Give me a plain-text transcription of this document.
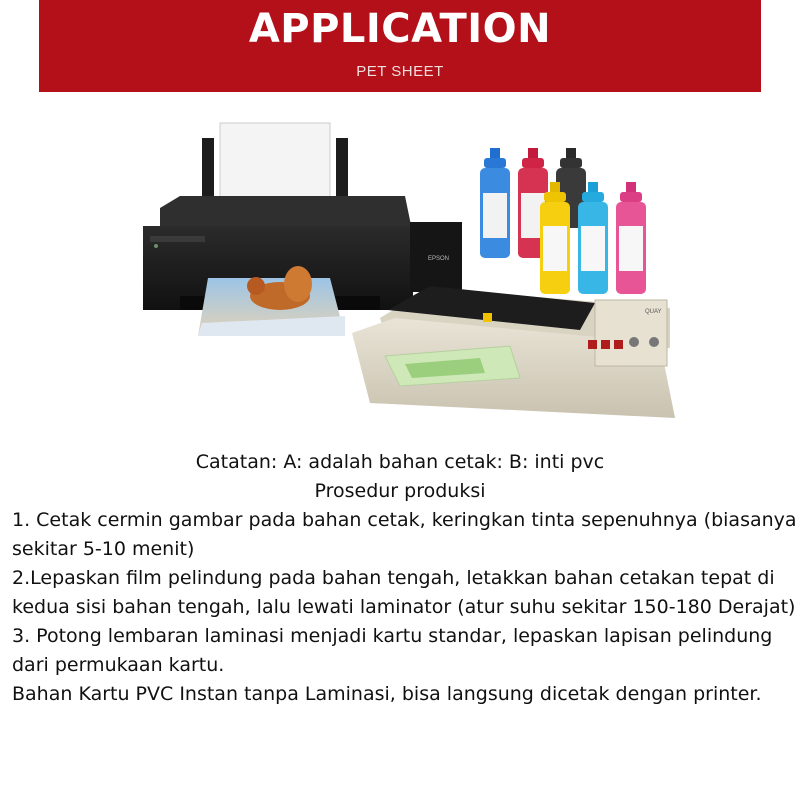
APPLICATION
PET SHEET
EPSON
QUAY

Catatan: A: adalah bahan cetak: B: inti pvc

Prosedur produksi

1. Cetak cermin gambar pada bahan cetak, keringkan tinta sepenuhnya (biasanya sekitar 5-10 menit)

2.Lepaskan film pelindung pada bahan tengah, letakkan bahan cetakan tepat di kedua sisi bahan tengah, lalu lewati laminator (atur suhu sekitar 150-180 Derajat)

3. Potong lembaran laminasi menjadi kartu standar, lepaskan lapisan pelindung dari permukaan kartu.

Bahan Kartu PVC Instan tanpa Laminasi, bisa langsung dicetak dengan printer.
